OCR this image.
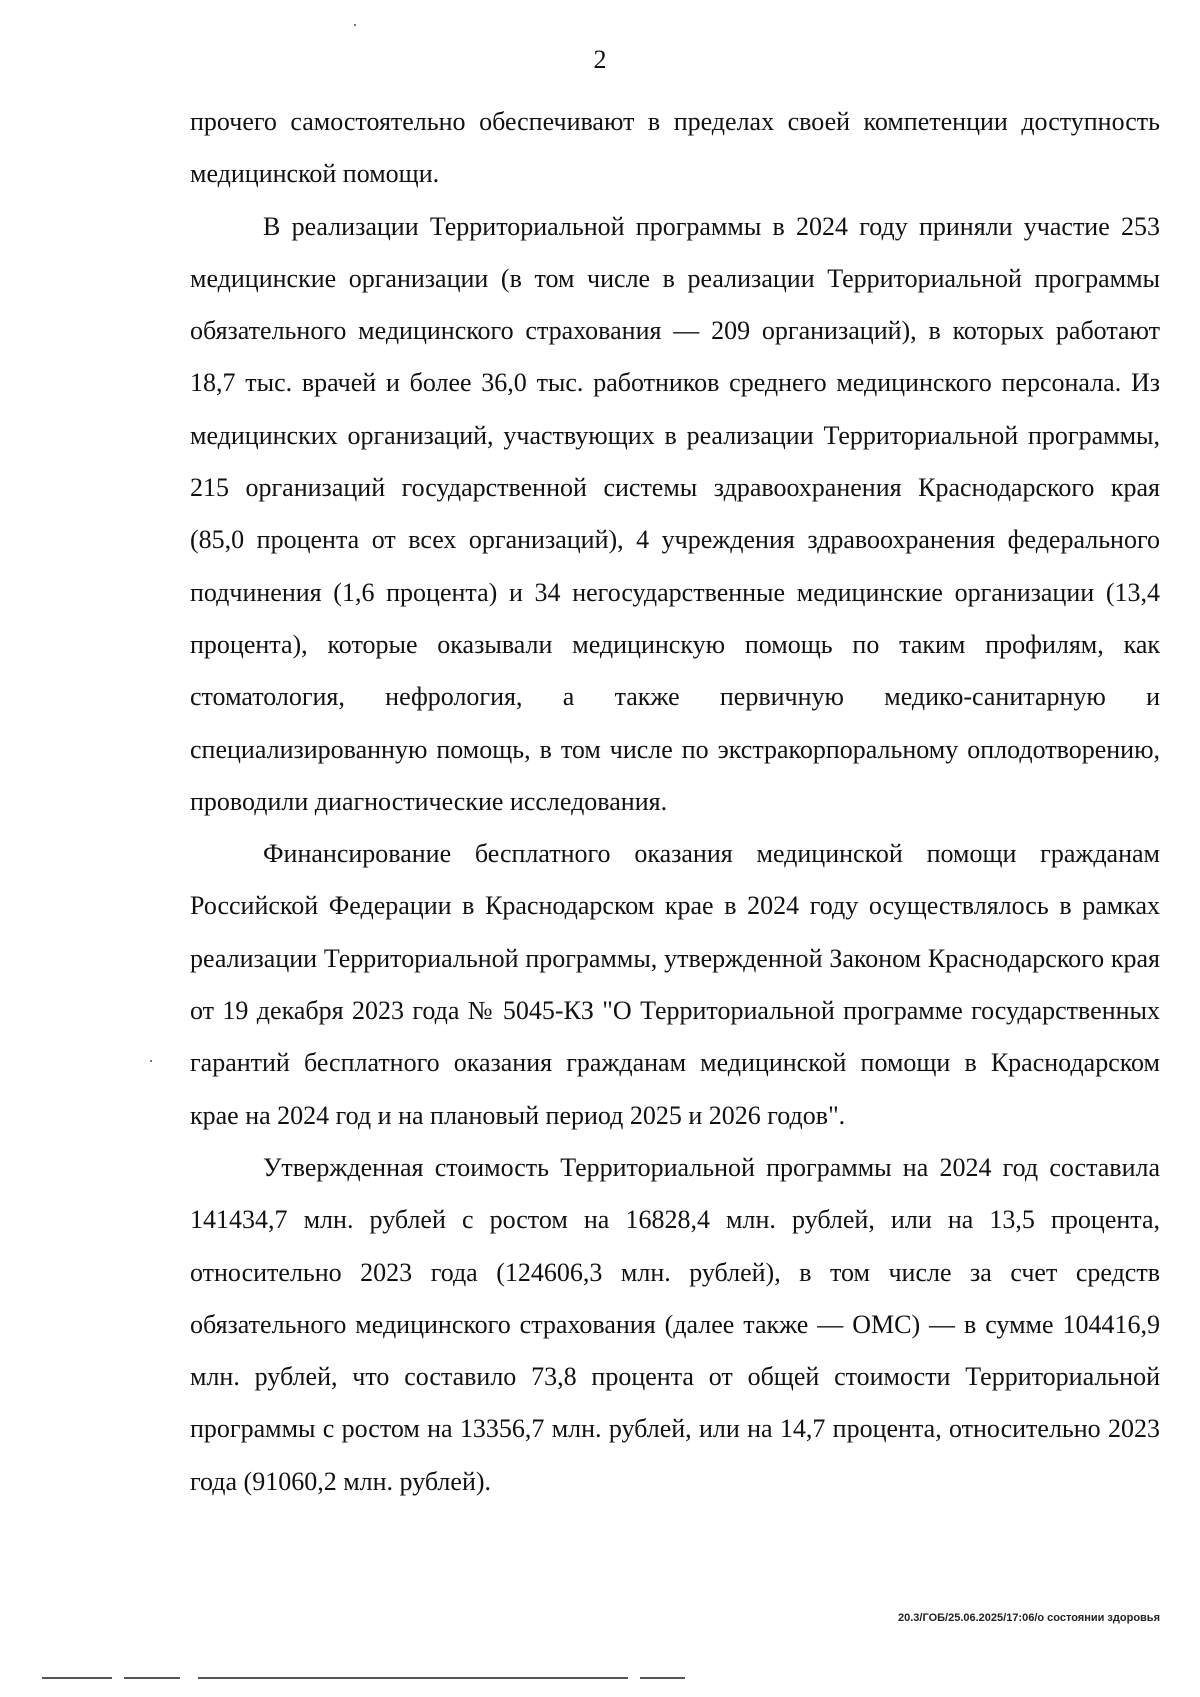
2

прочего самостоятельно обеспечивают в пределах своей компетенции доступность медицинской помощи.

В реализации Территориальной программы в 2024 году приняли участие 253 медицинские организации (в том числе в реализации Территориальной программы обязательного медицинского страхования — 209 организаций), в которых работают 18,7 тыс. врачей и более 36,0 тыс. работников среднего медицинского персонала. Из медицинских организаций, участвующих в реализации Территориальной программы, 215 организаций государственной системы здравоохранения Краснодарского края (85,0 процента от всех организаций), 4 учреждения здравоохранения федерального подчинения (1,6 процента) и 34 негосударственные медицинские организации (13,4 процента), которые оказывали медицинскую помощь по таким профилям, как стоматология, нефрология, а также первичную медико-санитарную и специализированную помощь, в том числе по экстракорпоральному оплодотворению, проводили диагностические исследования.

Финансирование бесплатного оказания медицинской помощи гражданам Российской Федерации в Краснодарском крае в 2024 году осуществлялось в рамках реализации Территориальной программы, утвержденной Законом Краснодарского края от 19 декабря 2023 года № 5045-КЗ "О Территориальной программе государственных гарантий бесплатного оказания гражданам медицинской помощи в Краснодарском крае на 2024 год и на плановый период 2025 и 2026 годов".

Утвержденная стоимость Территориальной программы на 2024 год составила 141434,7 млн. рублей с ростом на 16828,4 млн. рублей, или на 13,5 процента, относительно 2023 года (124606,3 млн. рублей), в том числе за счет средств обязательного медицинского страхования (далее также — ОМС) — в сумме 104416,9 млн. рублей, что составило 73,8 процента от общей стоимости Территориальной программы с ростом на 13356,7 млн. рублей, или на 14,7 процента, относительно 2023 года (91060,2 млн. рублей).

20.3/ГОБ/25.06.2025/17:06/о состоянии здоровья
